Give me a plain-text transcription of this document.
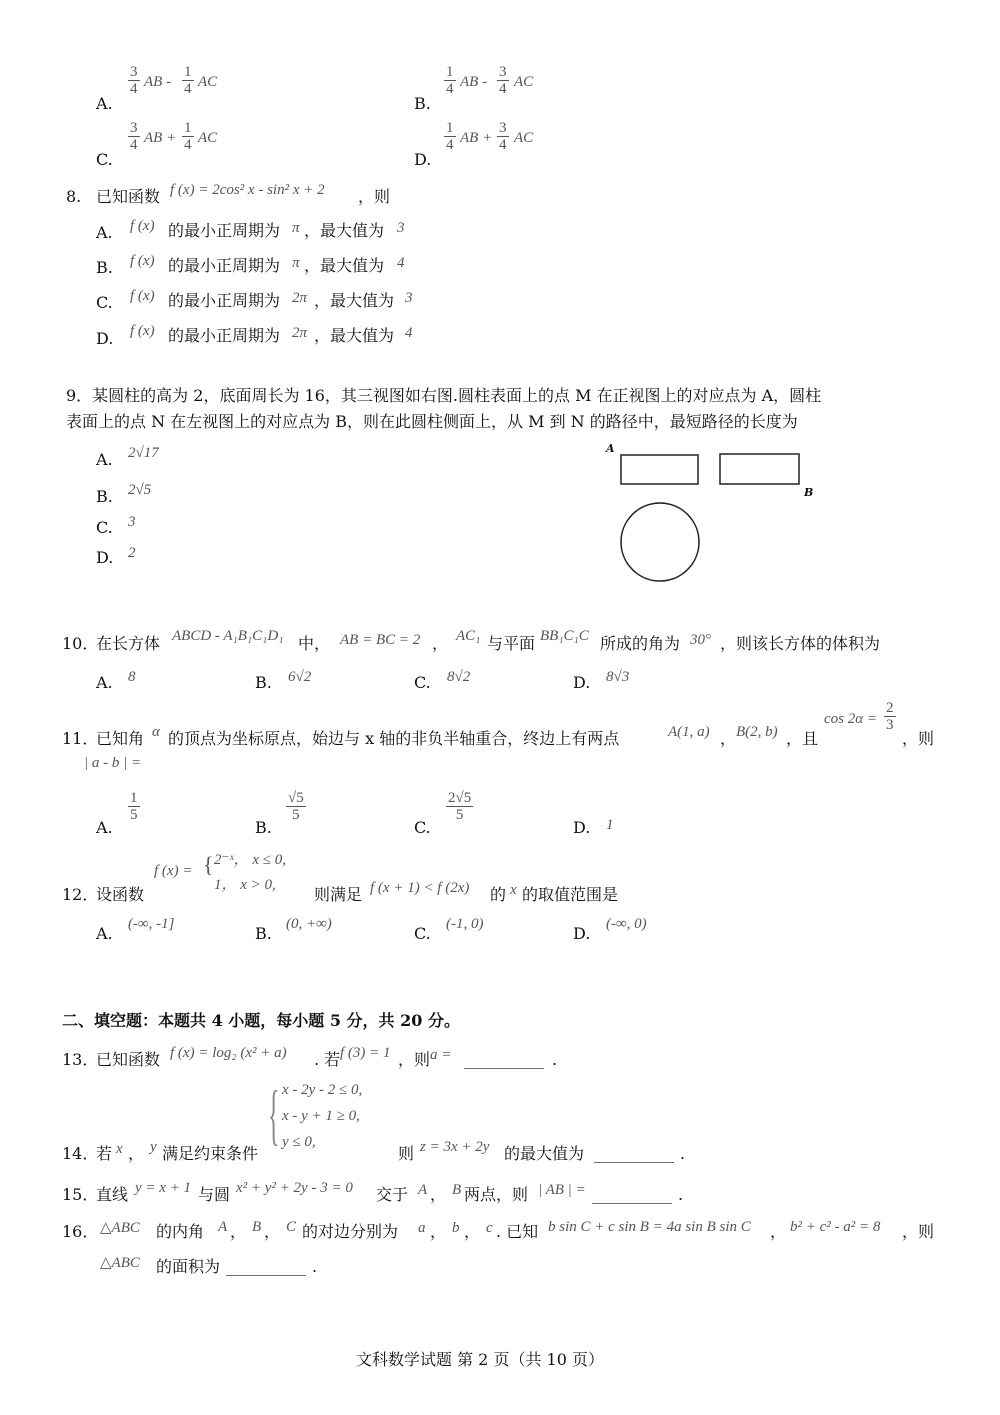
A.
$\frac{3}{4}$ AB - $\frac{1}{4}$ AC
B.
$\frac{1}{4}$ AB - $\frac{3}{4}$ AC
C.
$\frac{3}{4}$ AB + $\frac{1}{4}$ AC
D.
$\frac{1}{4}$ AB + $\frac{3}{4}$ AC
8. 已知函数 f (x) = 2cos² x - sin² x + 2 ，则
A. f (x) 的最小正周期为 π ，最大值为 3
B. f (x) 的最小正周期为 π ，最大值为 4
C. f (x) 的最小正周期为 2π ，最大值为 3
D. f (x) 的最小正周期为 2π ，最大值为 4
9．某圆柱的高为 2，底面周长为 16，其三视图如右图.圆柱表面上的点 M 在正视图上的对应点为 A，圆柱
表面上的点 N 在左视图上的对应点为 B，则在此圆柱侧面上，从 M 到 N 的路径中，最短路径的长度为
A. 2√17
B. 2√5
C. 3
D. 2
A
B
10．
在长方体 ABCD - A₁B₁C₁D₁ 中， AB = BC = 2 ， AC₁ 与平面 BB₁C₁C 所成的角为 30° ，则该长方体的体积为
A. 8	B. 6√2	C. 8√2	D. 8√3
11．
已知角 α 的顶点为坐标原点，始边与 x 轴的非负半轴重合，终边上有两点	A(1, a) ， B(2, b) ，且
$\cos 2\alpha = \frac{2}{3}$
，则
| a - b | =
A.
$\frac{1}{5}$
B.
$\frac{√5}{5}$
C.
$\frac{2√5}{5}$
D. 1
12．
设函数
f (x) = { 2⁻ˣ， x ≤ 0,
1， x > 0, 则满足 f (x + 1) < f (2x) 的 x 的取值范围是
A. (-∞, -1]	B. (0, +∞)	C. (-1, 0)	D. (-∞, 0)
二、填空题：本题共 4 小题，每小题 5 分，共 20 分。
13．
已知函数 f (x) = log₂ (x² + a) . 若 f (3) = 1 ，则 a = __________ .
14．
若 x ， y 满足约束条件
{ x - 2y - 2 ≤ 0,
x - y + 1 ≥ 0,
y ≤ 0,
则 z = 3x + 2y 的最大值为 __________ .
15．
直线 y = x + 1 与圆 x² + y² + 2y - 3 = 0 交于 A ， B 两点，则 | AB | = __________ .
16． △ABC 的内角 A ， B ， C 的对边分别为 a ， b ， c . 已知 b sin C + c sin B = 4a sin B sin C ， b² + c² - a² = 8 ，则
△ABC 的面积为 __________ .
文科数学试题 第 2 页（共 10 页）
